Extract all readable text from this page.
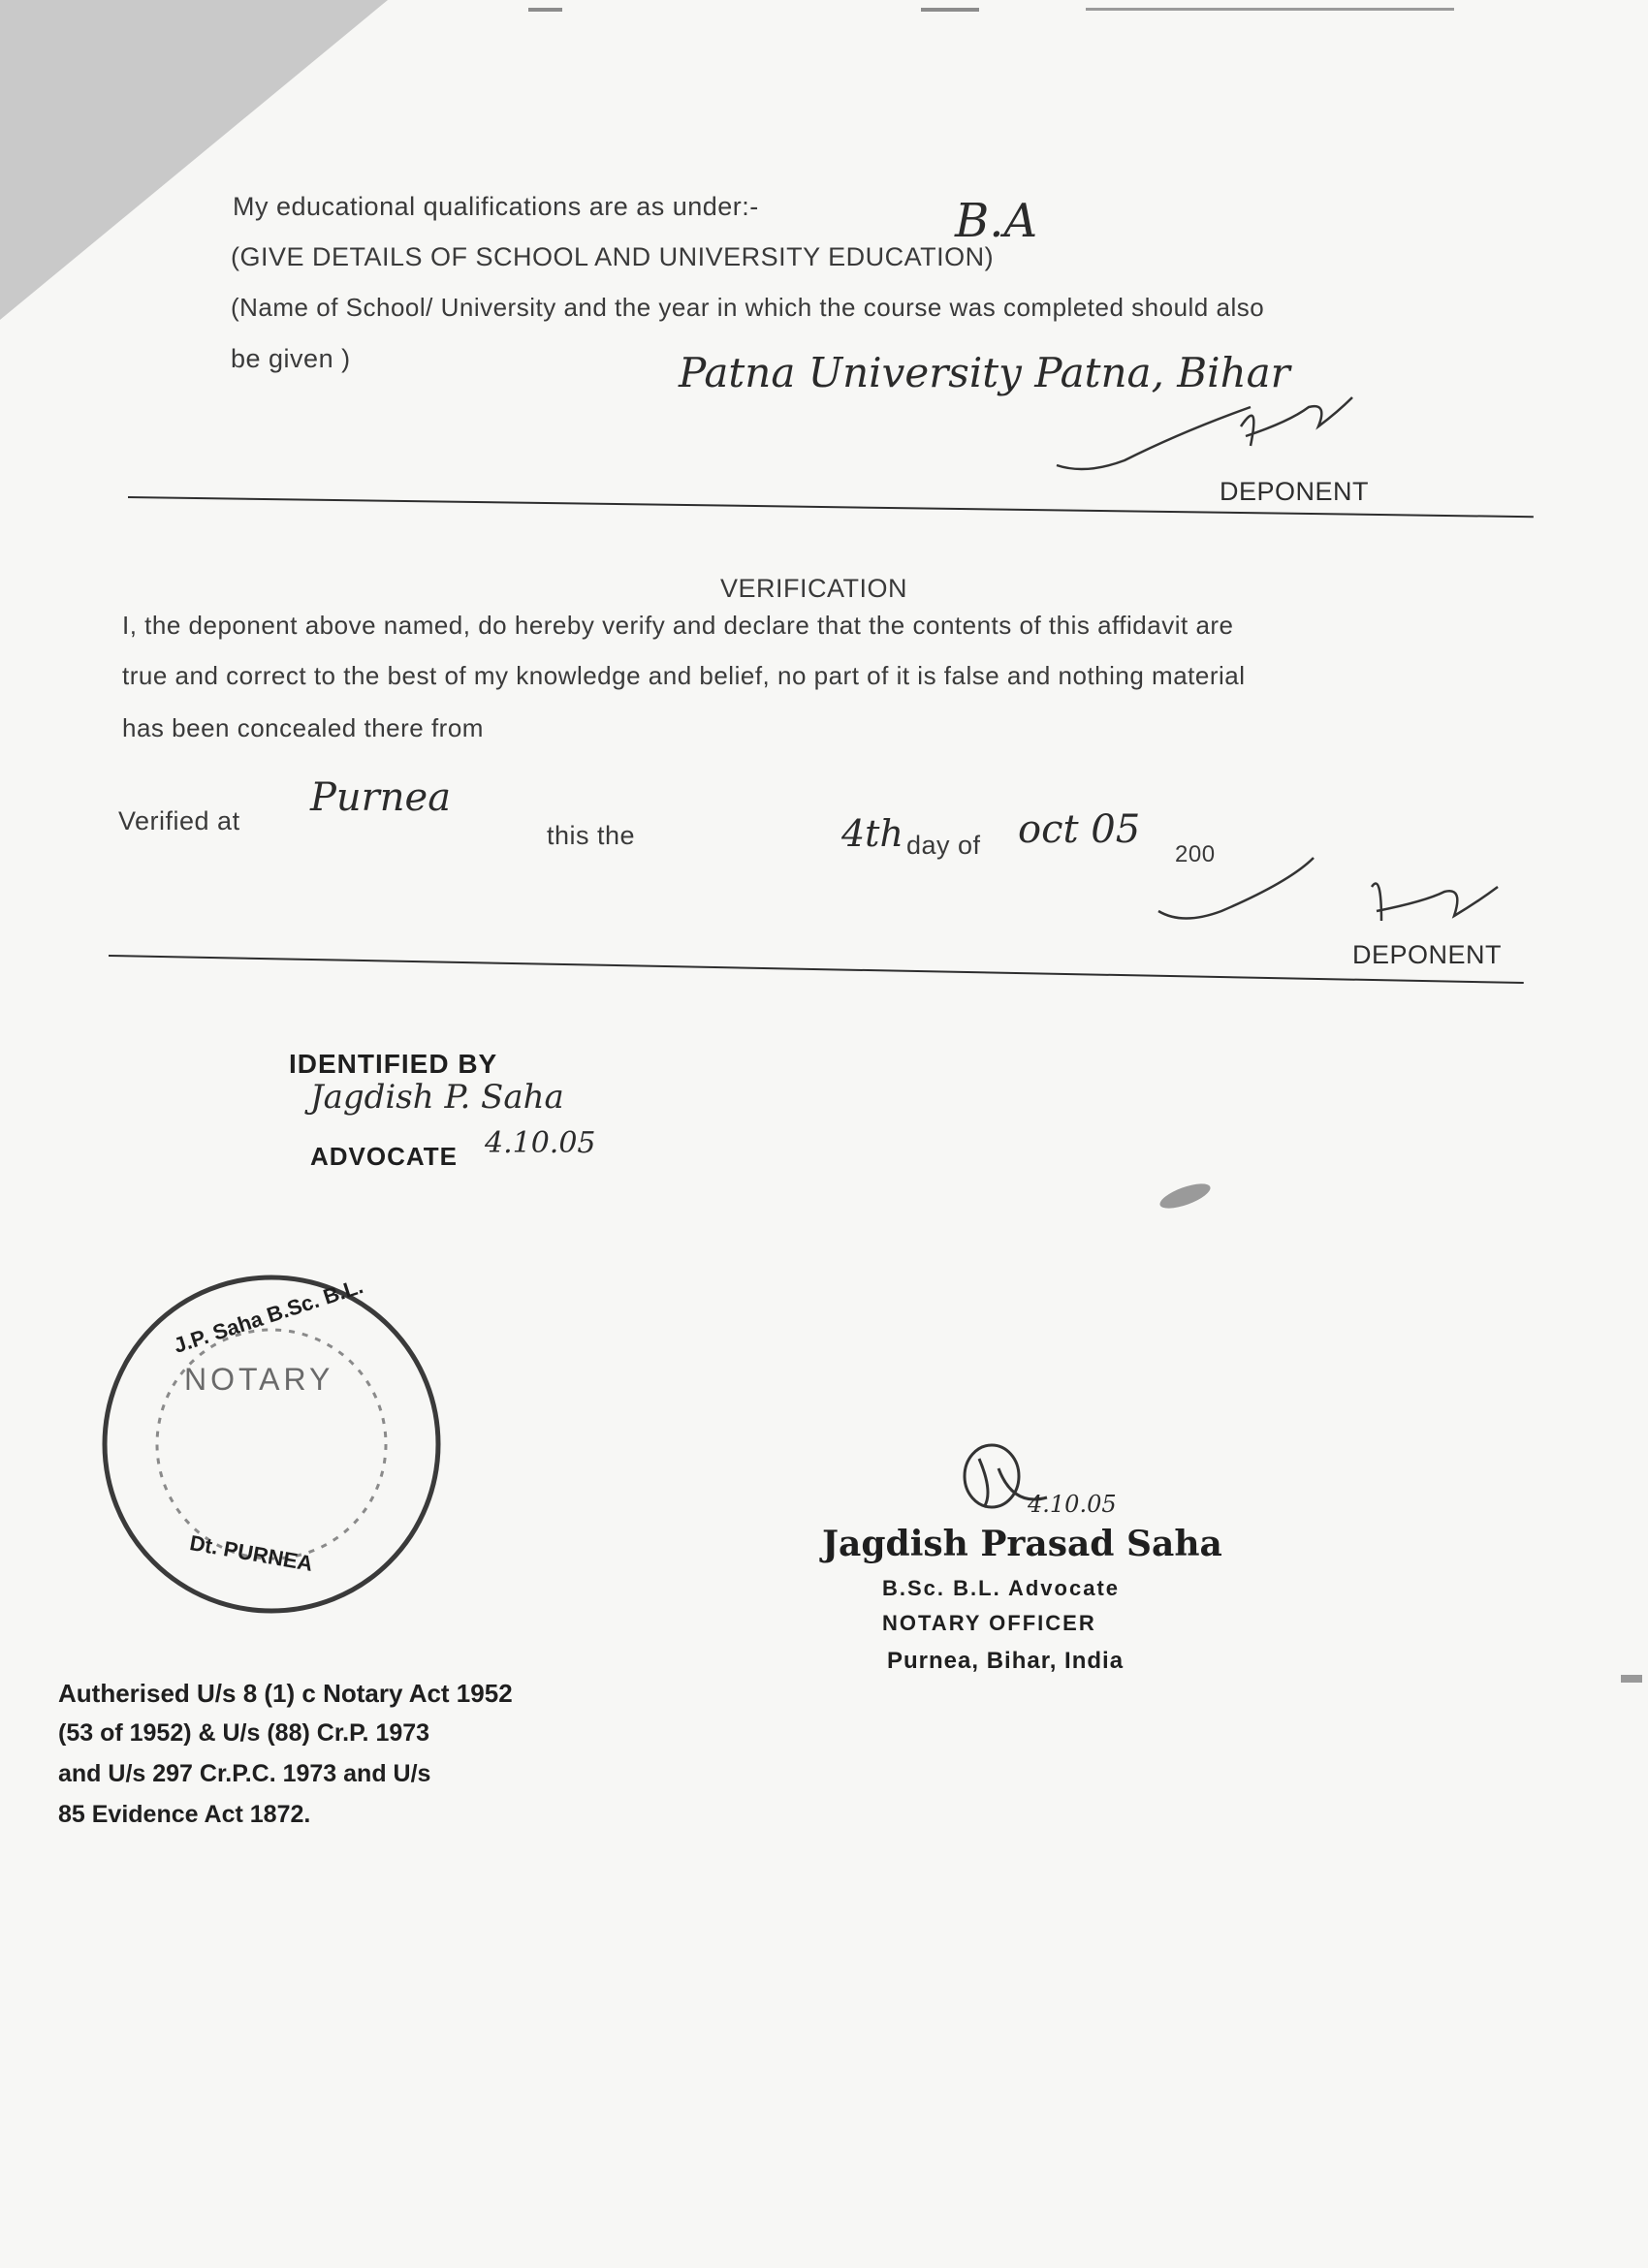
My educational qualifications are as under:-	B.A
(GIVE DETAILS OF SCHOOL AND UNIVERSITY EDUCATION)
(Name of School/ University and the year in which the course was completed should also
be given )	Patna University Patna, Bihar
DEPONENT
VERIFICATION
I, the deponent above named, do hereby verify and declare that the contents of this affidavit are
true and correct to the best of my knowledge and belief, no part of it is false and nothing material
has been concealed there from
Verified at
Purnea
this the	4th day of oct 05
200
DEPONENT
IDENTIFIED BY
Jagdish P. Saha
ADVOCATE 4.10.05
J.P. Saha B.Sc. B.L.
NOTARY
Dt. PURNEA
4.10.05
Jagdish Prasad Saha
B.Sc. B.L. Advocate
NOTARY OFFICER
Purnea, Bihar, India
Autherised U/s 8 (1) c Notary Act 1952
(53 of 1952) & U/s (88) Cr.P. 1973
and U/s 297 Cr.P.C. 1973 and U/s
85 Evidence Act 1872.
